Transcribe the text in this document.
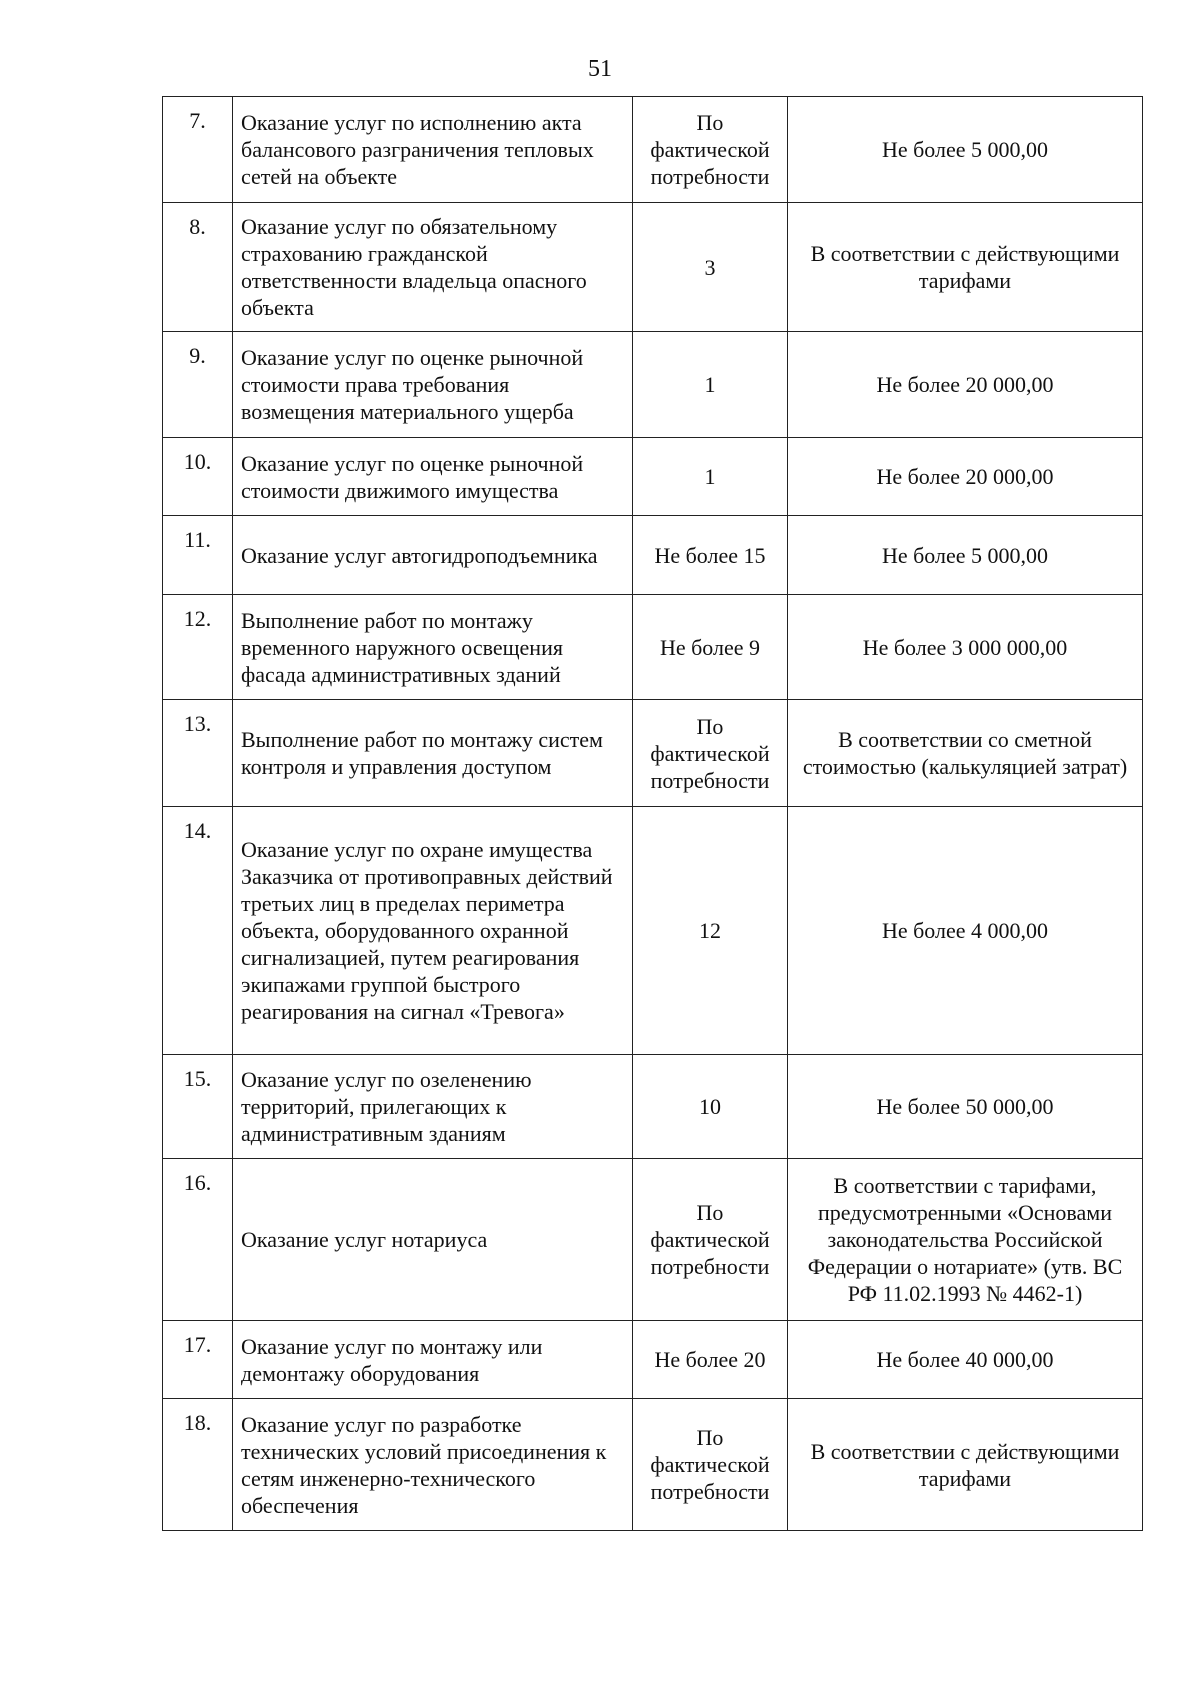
51
7.	Оказание услуг по исполнению акта балансового разграничения тепловых сетей на объекте	По фактической потребности	Не более 5 000,00
8.	Оказание услуг по обязательному страхованию гражданской ответственности владельца опасного объекта	3	В соответствии с действующими тарифами
9.	Оказание услуг по оценке рыночной стоимости права требования возмещения материального ущерба	1	Не более 20 000,00
10.	Оказание услуг по оценке рыночной стоимости движимого имущества	1	Не более 20 000,00
11.	Оказание услуг автогидроподъемника	Не более 15	Не более 5 000,00
12.	Выполнение работ по монтажу временного наружного освещения фасада административных зданий	Не более 9	Не более 3 000 000,00
13.	Выполнение работ по монтажу систем контроля и управления доступом	По фактической потребности	В соответствии со сметной стоимостью (калькуляцией затрат)
14.	Оказание услуг по охране имущества Заказчика от противоправных действий третьих лиц в пределах периметра объекта, оборудованного охранной сигнализацией, путем реагирования экипажами группой быстрого реагирования на сигнал «Тревога»	12	Не более 4 000,00
15.	Оказание услуг по озеленению территорий, прилегающих к административным зданиям	10	Не более 50 000,00
16.	Оказание услуг нотариуса	По фактической потребности	В соответствии с тарифами, предусмотренными «Основами законодательства Российской Федерации о нотариате» (утв. ВС РФ 11.02.1993 № 4462-1)
17.	Оказание услуг по монтажу или демонтажу оборудования	Не более 20	Не более 40 000,00
18.	Оказание услуг по разработке технических условий присоединения к сетям инженерно-технического обеспечения	По фактической потребности	В соответствии с действующими тарифами
